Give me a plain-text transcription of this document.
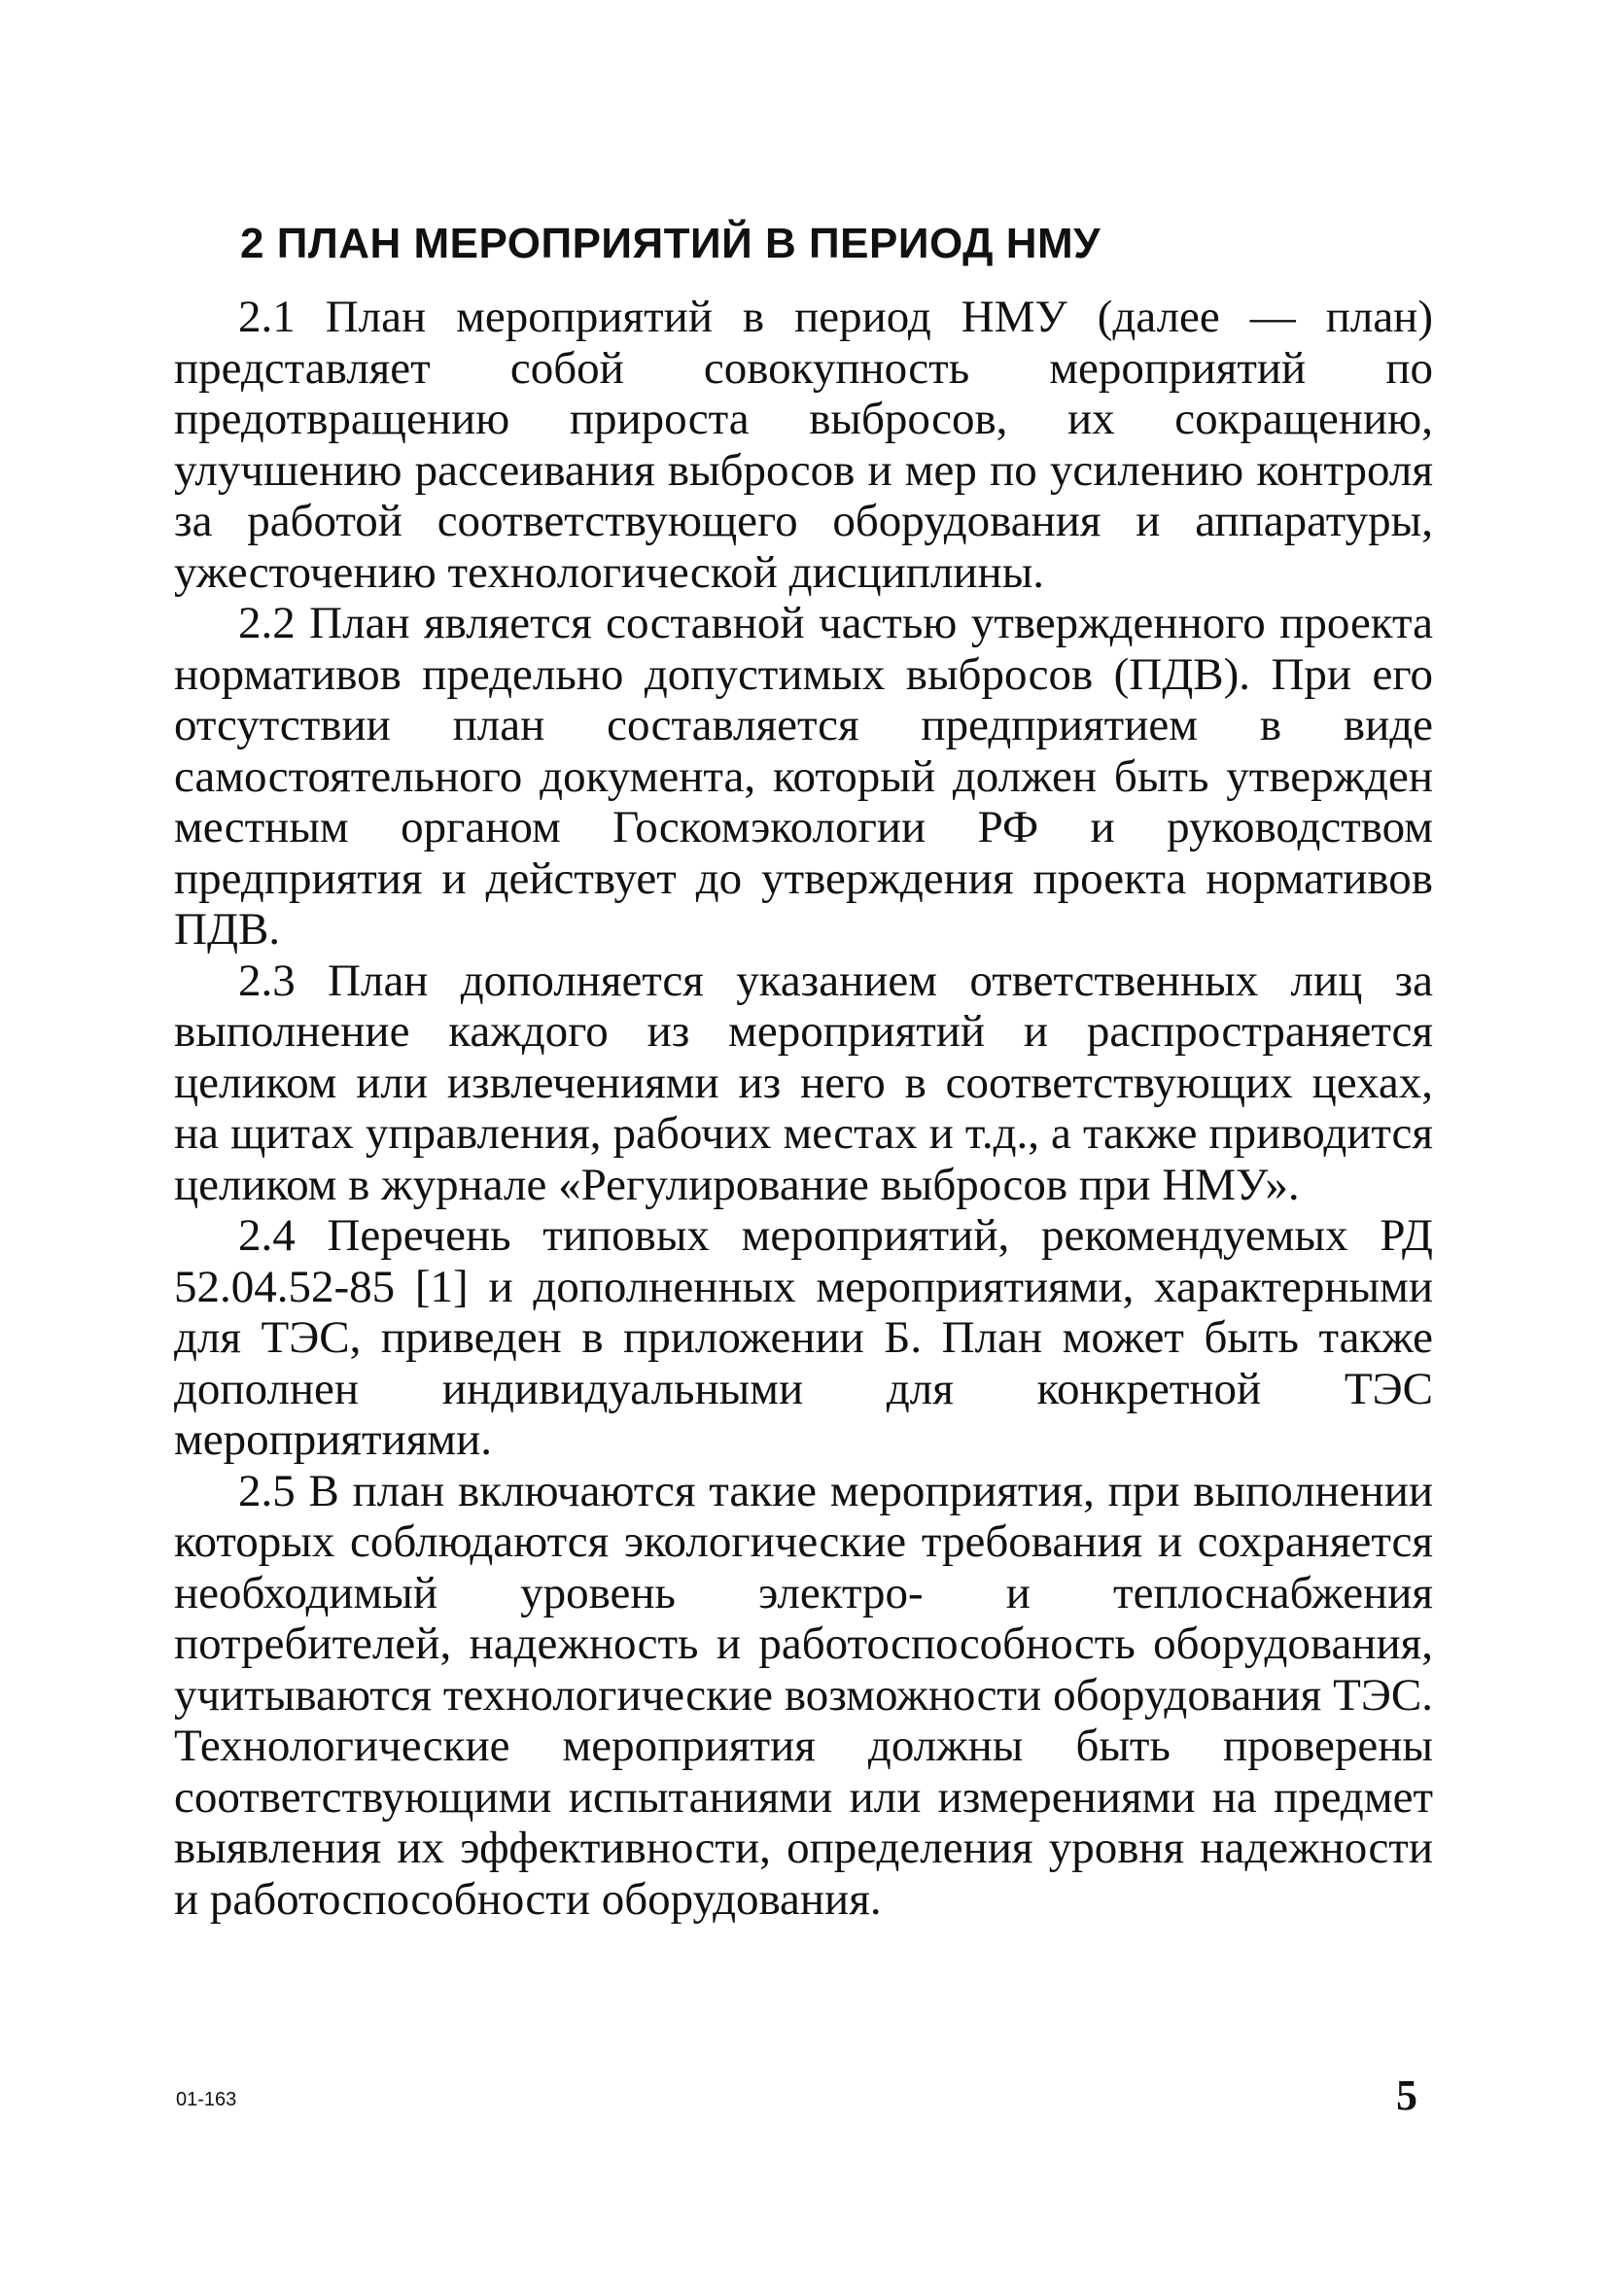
2 ПЛАН МЕРОПРИЯТИЙ В ПЕРИОД НМУ

2.1 План мероприятий в период НМУ (далее — план) представляет собой совокупность мероприятий по предотвращению прироста выбросов, их сокращению, улучшению рассеивания выбросов и мер по усилению контроля за работой соответствующего оборудования и аппаратуры, ужесточению технологической дисциплины.

2.2 План является составной частью утвержденного проекта нормативов предельно допустимых выбросов (ПДВ). При его отсутствии план составляется предприятием в виде самостоятельного документа, который должен быть утвержден местным органом Госкомэкологии РФ и руководством предприятия и действует до утверждения проекта нормативов ПДВ.

2.3 План дополняется указанием ответственных лиц за выполнение каждого из мероприятий и распространяется целиком или извлечениями из него в соответствующих цехах, на щитах управления, рабочих местах и т.д., а также приводится целиком в журнале «Регулирование выбросов при НМУ».

2.4 Перечень типовых мероприятий, рекомендуемых РД 52.04.52-85 [1] и дополненных мероприятиями, характерными для ТЭС, приведен в приложении Б. План может быть также дополнен индивидуальными для конкретной ТЭС мероприятиями.

2.5 В план включаются такие мероприятия, при выполнении которых соблюдаются экологические требования и сохраняется необходимый уровень электро- и теплоснабжения потребителей, надежность и работоспособность оборудования, учитываются технологические возможности оборудования ТЭС. Технологические мероприятия должны быть проверены соответствующими испытаниями или измерениями на предмет выявления их эффективности, определения уровня надежности и работоспособности оборудования.

01-163	5
